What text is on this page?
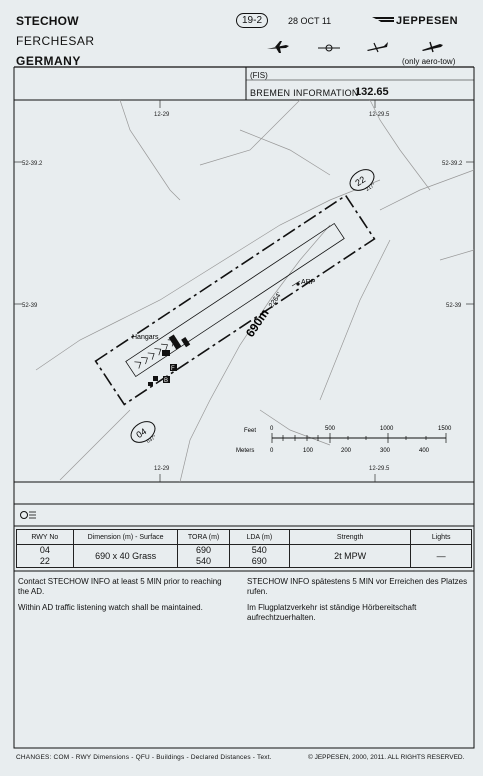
STECHOW
FERCHESAR
GERMANY
19-2	28 OCT 11	JEPPESEN
(only aero-tow)
(FIS)
BREMEN INFORMATION
132.65
12-29	12-29.5
12-29	12-29.5
52-39.2	52-39.2
52-39	52-39
ARP
690m
2264'
Hangars
F
B
04
037°
22
217°
Feet
Meters
0	500	1000	1500
0	100	200	300	400
RWY No	Dimension (m) - Surface	TORA (m)	LDA (m)	Strength	Lights
04	690 x 40 Grass	690	540	2t MPW	—
22		540	690		
Contact STECHOW INFO at least 5 MIN prior to reaching the AD.
Within AD traffic listening watch shall be maintained.
STECHOW INFO spätestens 5 MIN vor Erreichen des Platzes rufen.
Im Flugplatzverkehr ist ständige Hörbereitschaft aufrechtzuerhalten.
CHANGES: COM - RWY Dimensions - QFU - Buildings - Declared Distances - Text.	© JEPPESEN, 2000, 2011. ALL RIGHTS RESERVED.
